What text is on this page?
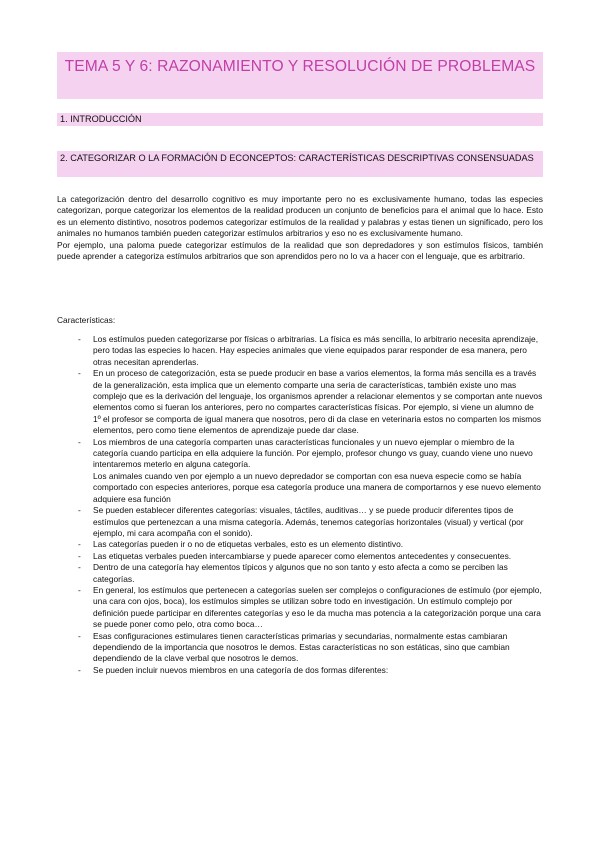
TEMA 5 Y 6: RAZONAMIENTO Y RESOLUCIÓN DE PROBLEMAS
1. INTRODUCCIÓN
2. CATEGORIZAR O LA FORMACIÓN D ECONCEPTOS: CARACTERÍSTICAS DESCRIPTIVAS CONSENSUADAS

La categorización dentro del desarrollo cognitivo es muy importante pero no es exclusivamente humano, todas las especies categorizan, porque categorizar los elementos de la realidad producen un conjunto de beneficios para el animal que lo hace. Esto es un elemento distintivo, nosotros podemos categorizar estímulos de la realidad y palabras y estas tienen un significado, pero los animales no humanos también pueden categorizar estímulos arbitrarios y eso no es exclusivamente humano.

Por ejemplo, una paloma puede categorizar estímulos de la realidad que son depredadores y son estímulos físicos, también puede aprender a categoriza estímulos arbitrarios que son aprendidos pero no lo va a hacer con el lenguaje, que es arbitrario.

Características:
- Los estímulos pueden categorizarse por físicas o arbitrarias. La física es más sencilla, lo arbitrario necesita aprendizaje, pero todas las especies lo hacen. Hay especies animales que viene equipados parar responder de esa manera, pero otras necesitan aprenderlas.

- En un proceso de categorización, esta se puede producir en base a varios elementos, la forma más sencilla es a través de la generalización, esta implica que un elemento comparte una seria de características, también existe uno mas complejo que es la derivación del lenguaje, los organismos aprender a relacionar elementos y se comportan ante nuevos elementos como si fueran los anteriores, pero no compartes características físicas. Por ejemplo, si viene un alumno de 1º el profesor se comporta de igual manera que nosotros, pero di da clase en veterinaria estos no comparten los mismos elementos, pero como tiene elementos de aprendizaje puede dar clase.

- Los miembros de una categoría comparten unas características funcionales y un nuevo ejemplar o miembro de la categoría cuando participa en ella adquiere la función. Por ejemplo, profesor chungo vs guay, cuando viene uno nuevo intentaremos meterlo en alguna categoría.

Los animales cuando ven por ejemplo a un nuevo depredador se comportan con esa nueva especie como se había comportado con especies anteriores, porque esa categoría produce una manera de comportarnos y ese nuevo elemento adquiere esa función

- Se pueden establecer diferentes categorías: visuales, táctiles, auditivas… y se puede producir diferentes tipos de estímulos que pertenezcan a una misma categoría. Además, tenemos categorías horizontales (visual) y vertical (por ejemplo, mi cara acompaña con el sonido).

- Las categorías pueden ir o no de etiquetas verbales, esto es un elemento distintivo.

- Las etiquetas verbales pueden intercambiarse y puede aparecer como elementos antecedentes y consecuentes.

- Dentro de una categoría hay elementos típicos y algunos que no son tanto y esto afecta a como se perciben las categorías.

- En general, los estímulos que pertenecen a categorías suelen ser complejos o configuraciones de estímulo (por ejemplo, una cara con ojos, boca), los estímulos simples se utilizan sobre todo en investigación. Un estímulo complejo por definición puede participar en diferentes categorías y eso le da mucha mas potencia a la categorización porque una cara se puede poner como pelo, otra como boca…

- Esas configuraciones estimulares tienen características primarias y secundarias, normalmente estas cambiaran dependiendo de la importancia que nosotros le demos. Estas características no son estáticas, sino que cambian dependiendo de la clave verbal que nosotros le demos.

- Se pueden incluir nuevos miembros en una categoría de dos formas diferentes:
